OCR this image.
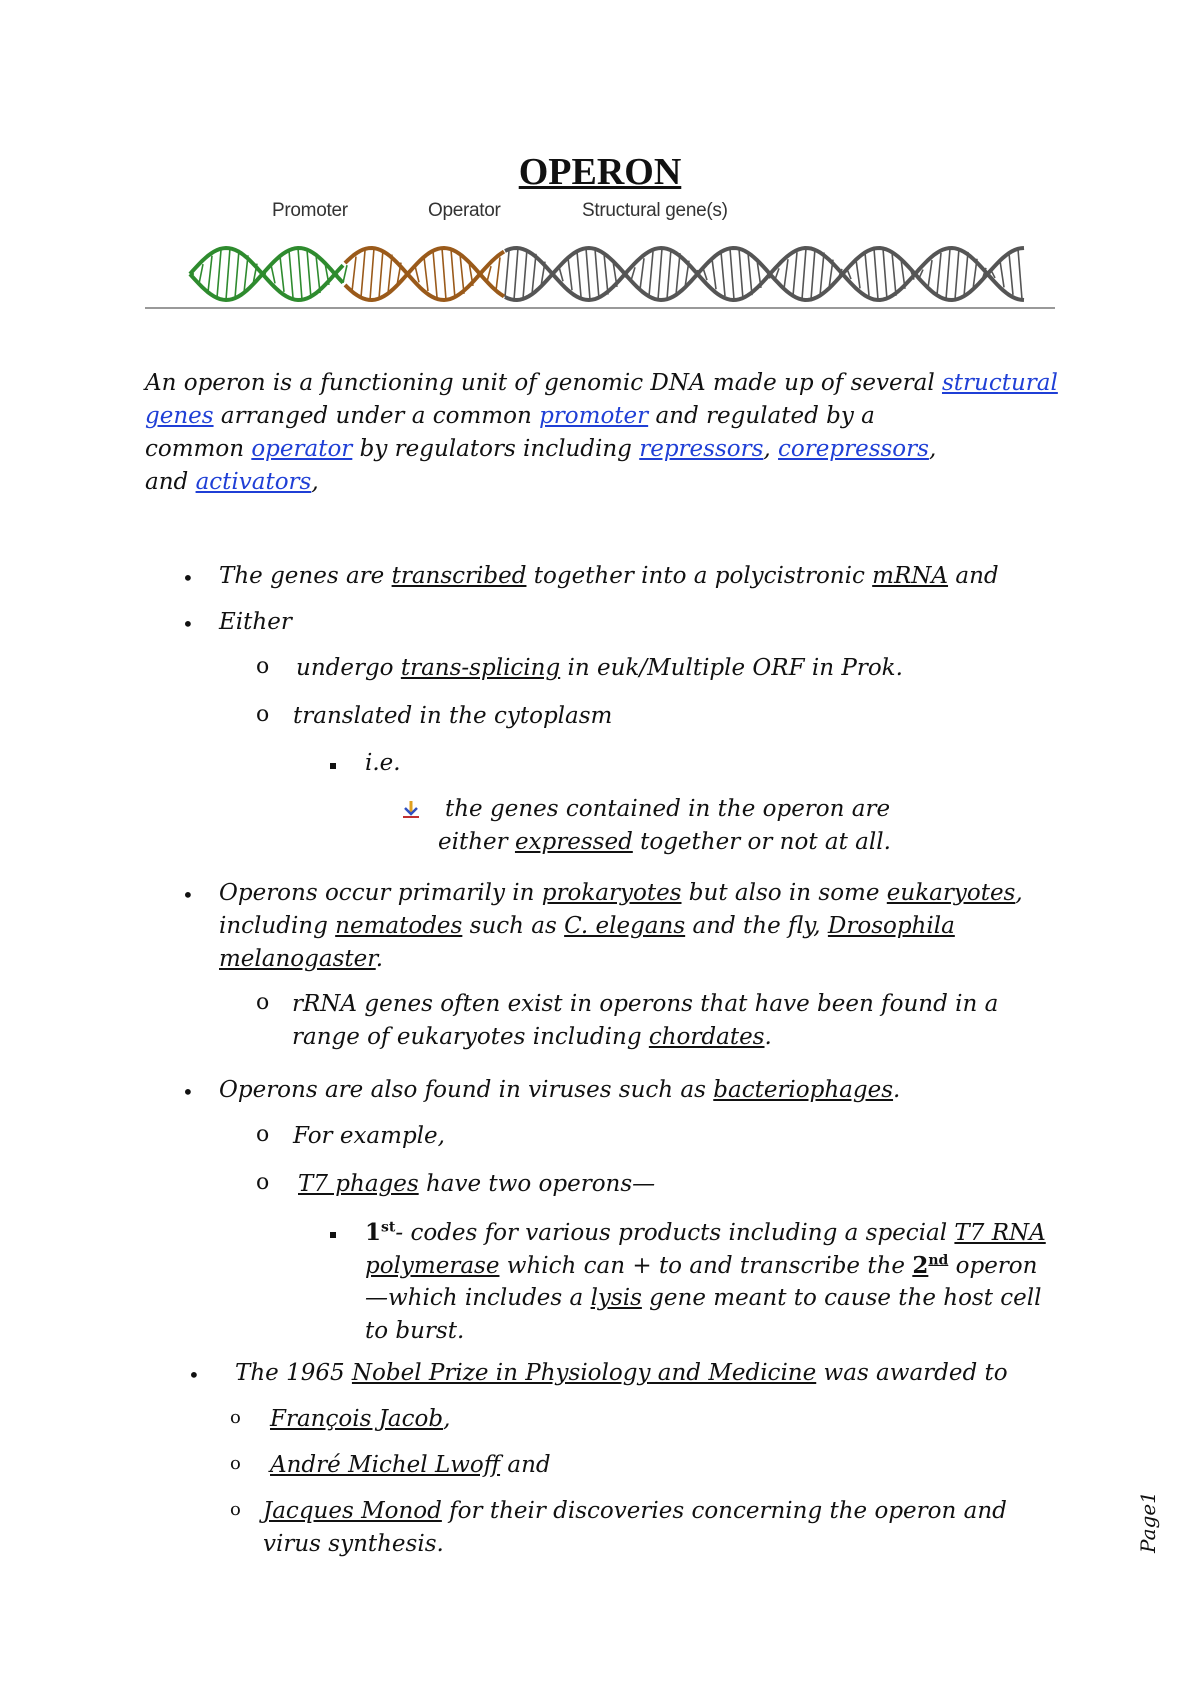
OPERON
Promoter	Operator	Structural gene(s)
An operon is a functioning unit of genomic DNA made up of several structural
genes arranged under a common promoter and regulated by a
common operator by regulators including repressors, corepressors,
and activators,
• The genes are transcribed together into a polycistronic mRNA and
• Either
o undergo trans-splicing in euk/Multiple ORF in Prok.
o translated in the cytoplasm
i.e.
the genes contained in the operon are
either expressed together or not at all.
• Operons occur primarily in prokaryotes but also in some eukaryotes,
including nematodes such as C. elegans and the fly, Drosophila
melanogaster.
o rRNA genes often exist in operons that have been found in a
range of eukaryotes including chordates.
• Operons are also found in viruses such as bacteriophages.
o For example,
o T7 phages have two operons—
1st- codes for various products including a special T7 RNA
polymerase which can + to and transcribe the 2nd operon
—which includes a lysis gene meant to cause the host cell
to burst.
• The 1965 Nobel Prize in Physiology and Medicine was awarded to
o François Jacob,
o André Michel Lwoff and
o Jacques Monod for their discoveries concerning the operon and
virus synthesis.	Page1
